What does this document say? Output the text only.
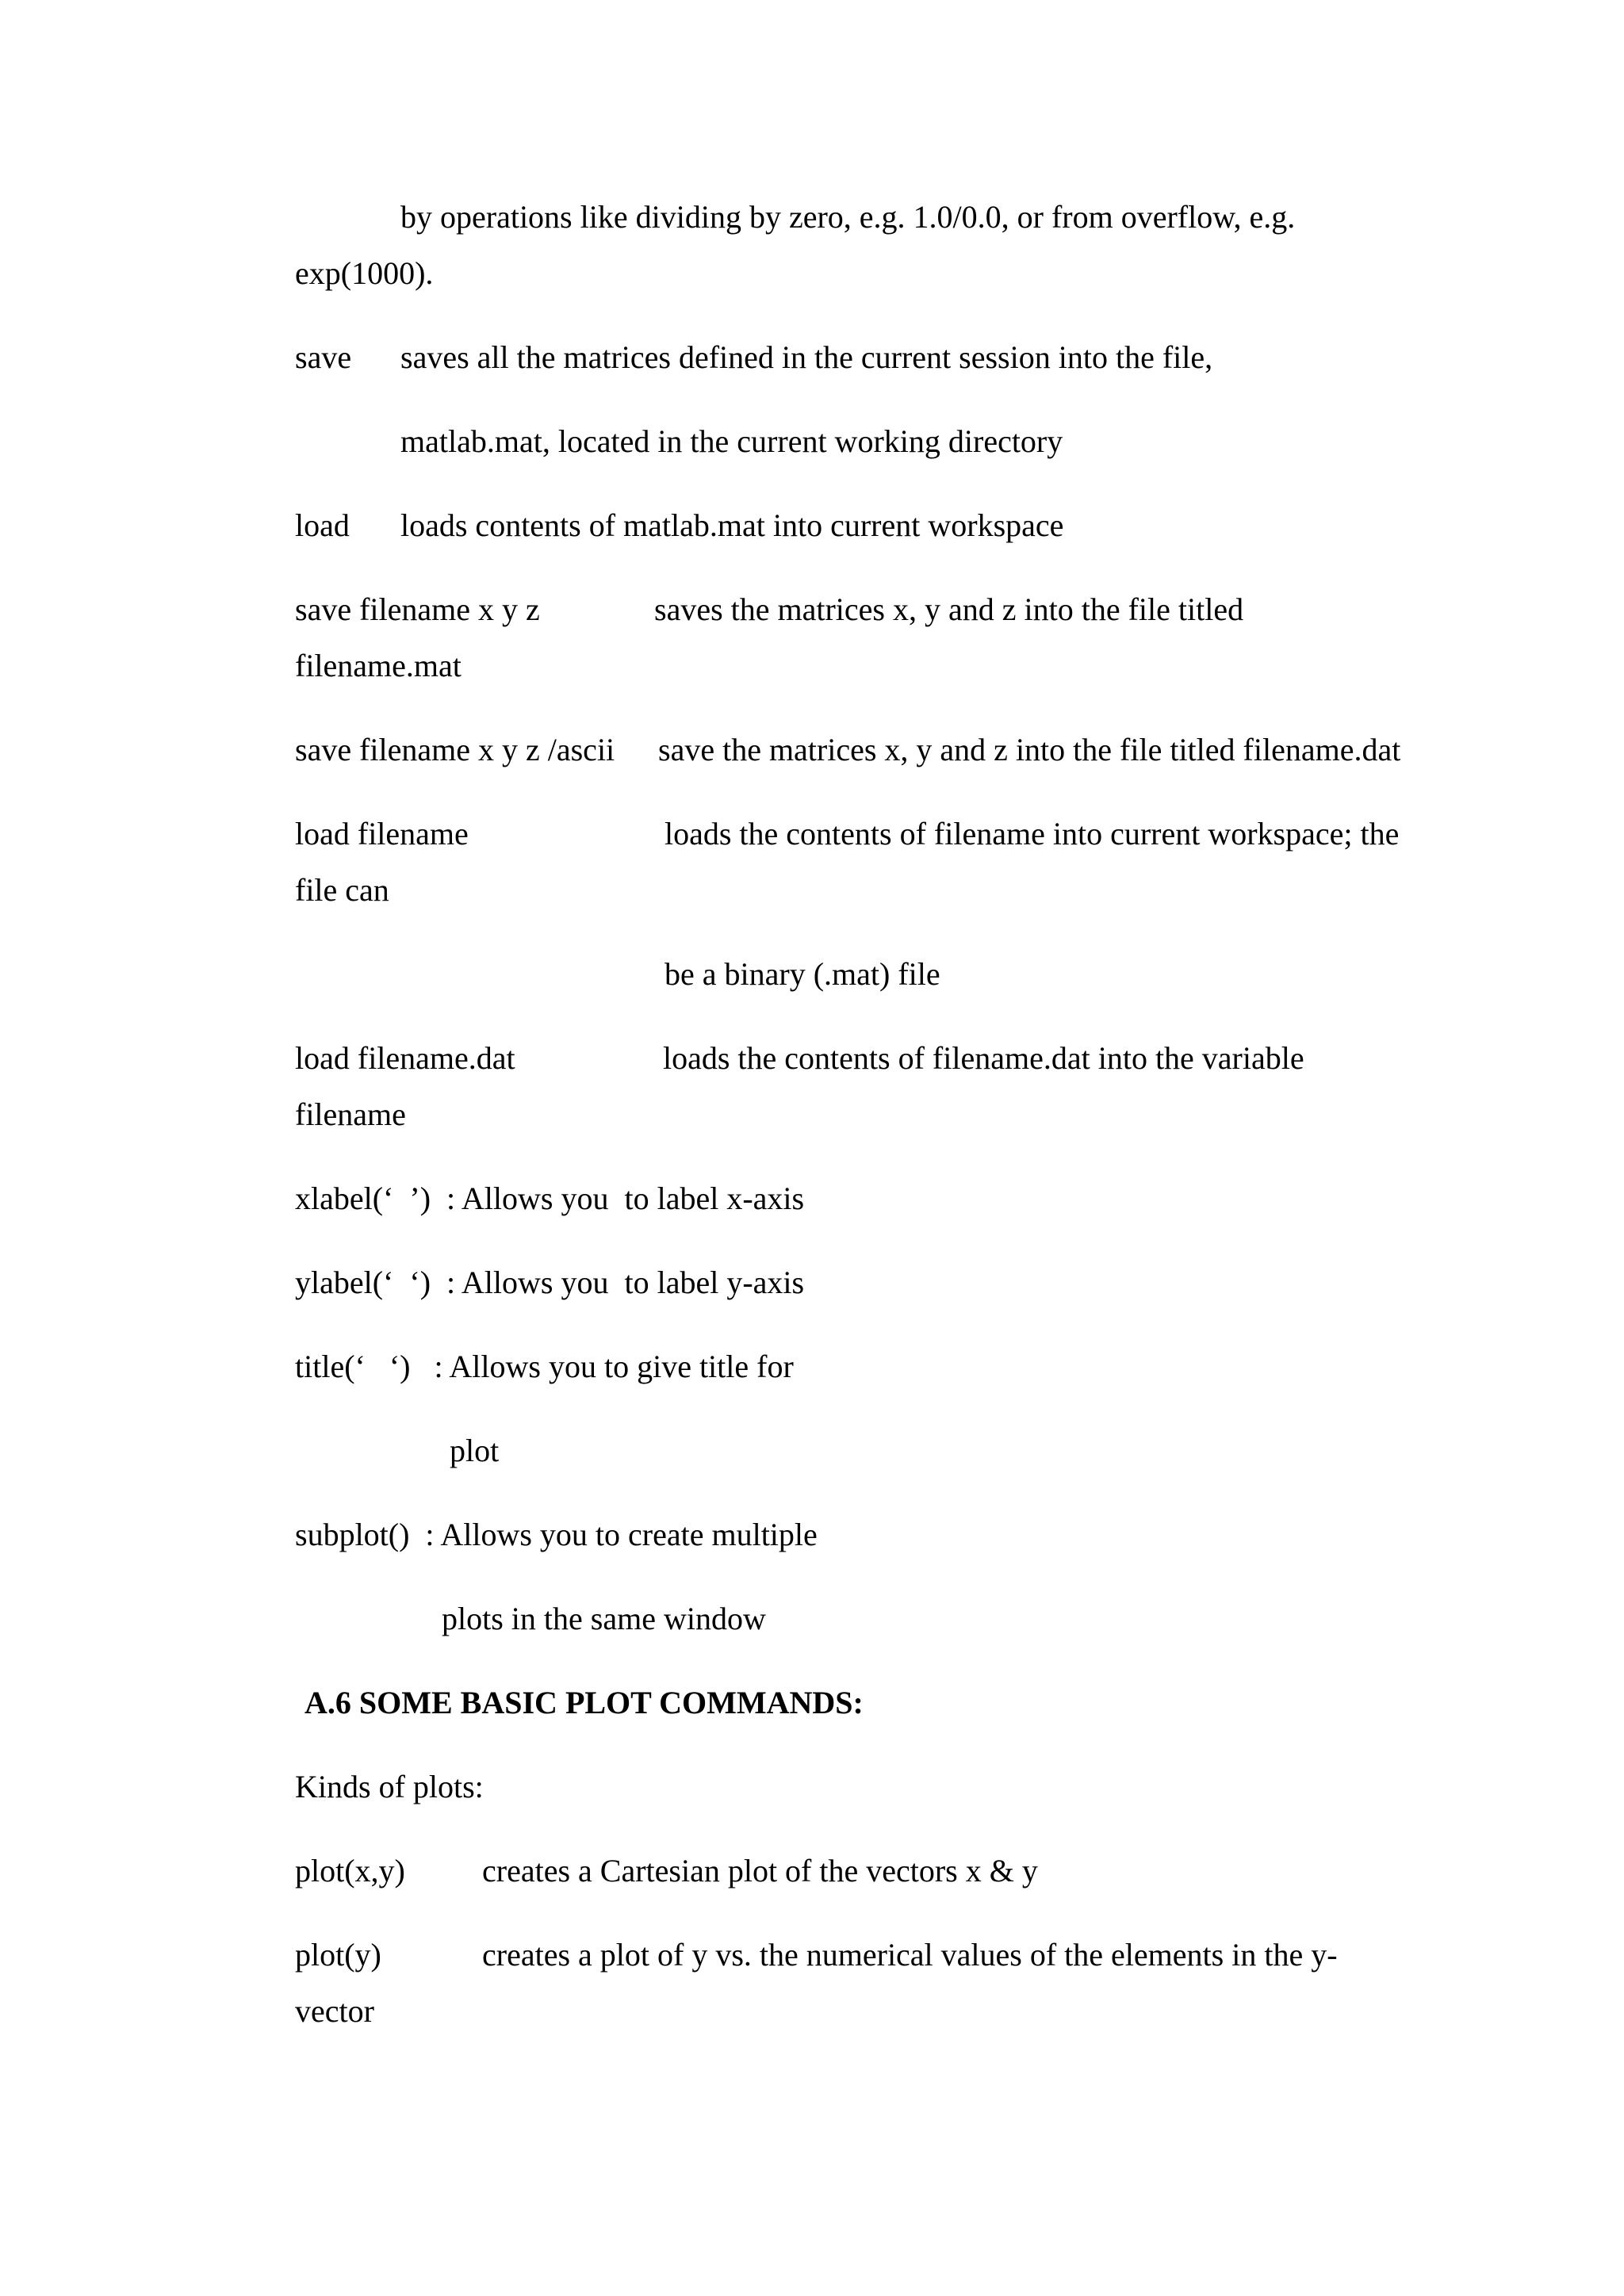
by operations like dividing by zero, e.g. 1.0/0.0, or from overflow, e.g.
exp(1000).
save saves all the matrices defined in the current session into the file,
matlab.mat, located in the current working directory
load loads contents of matlab.mat into current workspace
save filename x y z	saves the matrices x, y and z into the file titled
filename.mat
save filename x y z /ascii save the matrices x, y and z into the file titled filename.dat
load filename	loads the contents of filename into current workspace; the
file can
be a binary (.mat) file
load filename.dat	loads the contents of filename.dat into the variable
filename
xlabel(‘  ’)  : Allows you  to label x-axis
ylabel(‘  ‘)  : Allows you  to label y-axis
title(‘   ‘)   : Allows you to give title for
plot
subplot()  : Allows you to create multiple
plots in the same window
A.6 SOME BASIC PLOT COMMANDS:
Kinds of plots:
plot(x,y) creates a Cartesian plot of the vectors x & y
plot(y)	creates a plot of y vs. the numerical values of the elements in the y-
vector
